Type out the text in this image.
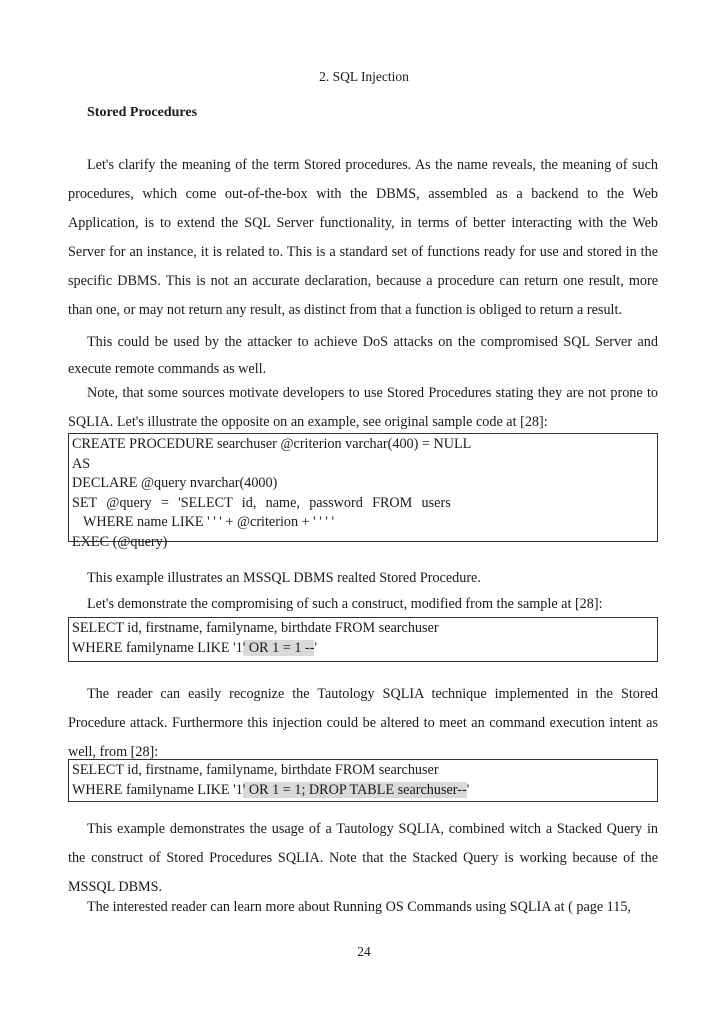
2. SQL Injection
Stored Procedures

Let's clarify the meaning of the term Stored procedures. As the name reveals, the meaning of such procedures, which come out-of-the-box with the DBMS, assembled as a backend to the Web Application, is to extend the SQL Server functionality, in terms of better interacting with the Web Server for an instance, it is related to. This is a standard set of functions ready for use and stored in the specific DBMS. This is not an accurate declaration, because a procedure can return one result, more than one, or may not return any result, as distinct from that a function is obliged to return a result.

This could be used by the attacker to achieve DoS attacks on the compromised SQL Server and execute remote commands as well.

Note, that some sources motivate developers to use Stored Procedures stating they are not prone to SQLIA. Let's illustrate the opposite on an example, see original sample code at [28]:

CREATE PROCEDURE searchuser @criterion varchar(400) = NULL
AS
DECLARE @query nvarchar(4000)
SET      @query      =      'SELECT      id,      name,      password      FROM      users
WHERE name LIKE ' ' ' + @criterion + ' ' ' '
EXEC (@query)

This example illustrates an MSSQL DBMS realted Stored Procedure.

Let's demonstrate the compromising of such a construct, modified from the sample at [28]:

SELECT id, firstname, familyname, birthdate FROM searchuser
WHERE familyname LIKE '1' OR 1 = 1 --'

The reader can easily recognize the Tautology SQLIA technique implemented in the Stored Procedure attack. Furthermore this injection could be altered to meet an command execution intent as well, from [28]:

SELECT id, firstname, familyname, birthdate FROM searchuser
WHERE familyname LIKE '1' OR 1 = 1; DROP TABLE searchuser--'

This example demonstrates the usage of a Tautology SQLIA, combined witch a Stacked Query in the construct of Stored Procedures SQLIA. Note that the Stacked Query is working because of the MSSQL DBMS.

The interested reader can learn more about Running OS Commands using SQLIA at ( page 115,

24
